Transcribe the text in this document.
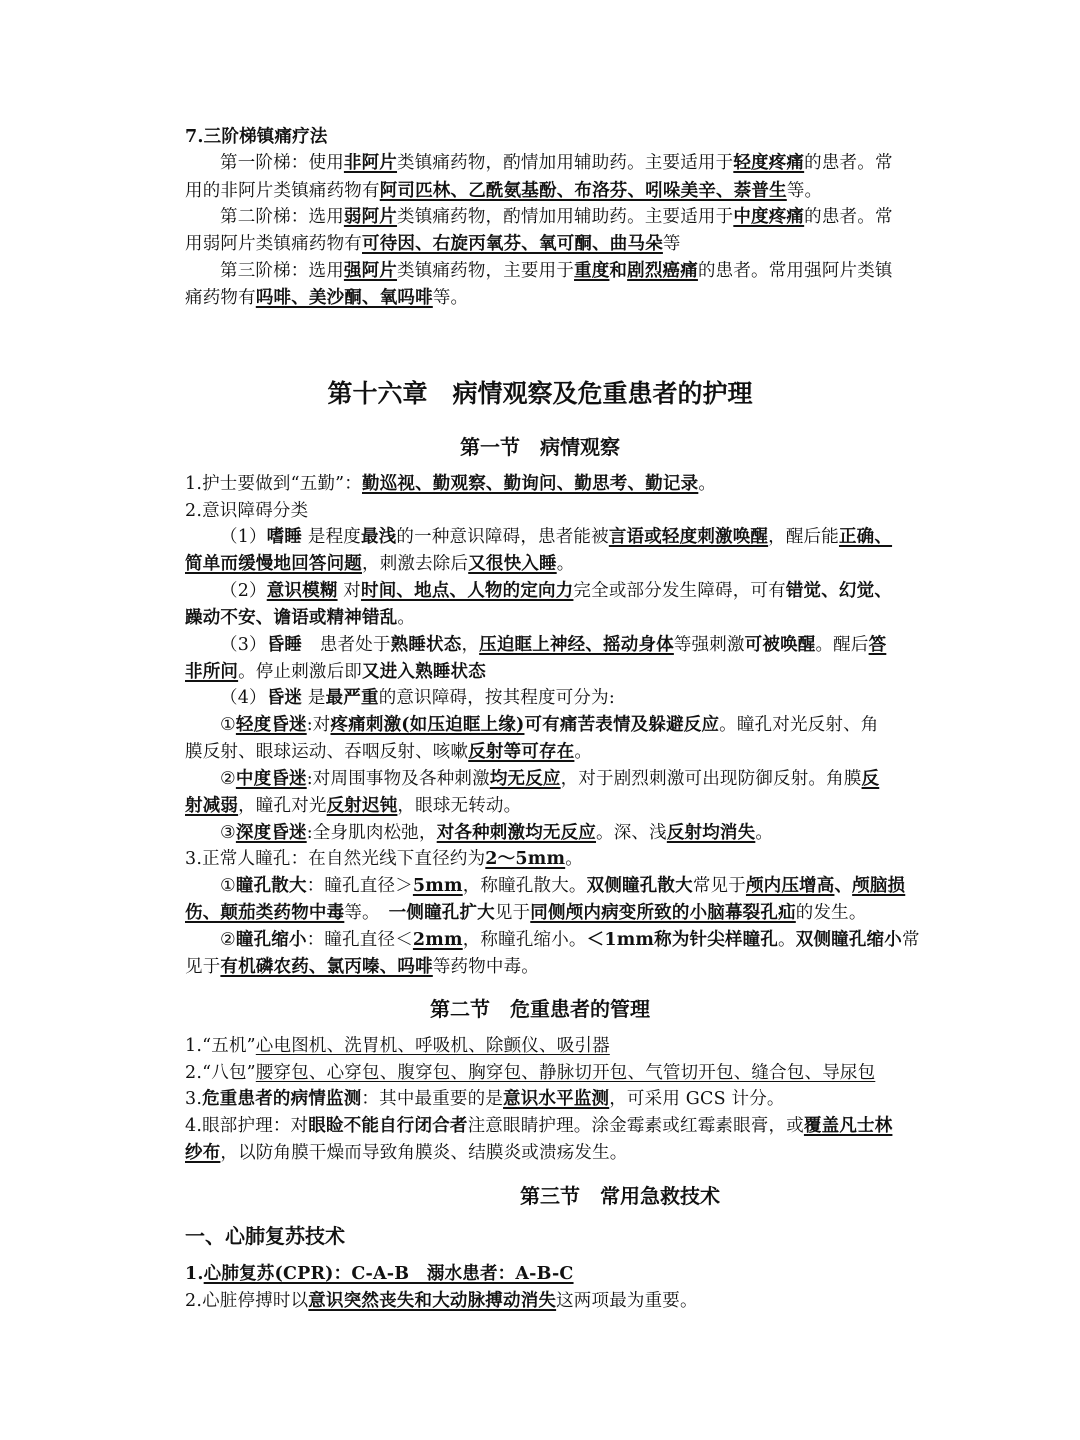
7.三阶梯镇痛疗法
第一阶梯：使用非阿片类镇痛药物，酌情加用辅助药。主要适用于轻度疼痛的患者。常
用的非阿片类镇痛药物有阿司匹林、乙酰氨基酚、布洛芬、吲哚美辛、萘普生等。
第二阶梯：选用弱阿片类镇痛药物，酌情加用辅助药。主要适用于中度疼痛的患者。常
用弱阿片类镇痛药物有可待因、右旋丙氧芬、氧可酮、曲马朵等
第三阶梯：选用强阿片类镇痛药物，主要用于重度和剧烈癌痛的患者。常用强阿片类镇
痛药物有吗啡、美沙酮、氧吗啡等。
第十六章　病情观察及危重患者的护理
第一节　病情观察
1.护士要做到“五勤”：勤巡视、勤观察、勤询问、勤思考、勤记录。
2.意识障碍分类
（1）嗜睡 是程度最浅的一种意识障碍，患者能被言语或轻度刺激唤醒，醒后能正确、
简单而缓慢地回答问题，刺激去除后又很快入睡。
（2）意识模糊 对时间、地点、人物的定向力完全或部分发生障碍，可有错觉、幻觉、
躁动不安、谵语或精神错乱。
（3）昏睡　患者处于熟睡状态，压迫眶上神经、摇动身体等强刺激可被唤醒。醒后答
非所问。停止刺激后即又进入熟睡状态
（4）昏迷 是最严重的意识障碍，按其程度可分为:
①轻度昏迷:对疼痛刺激(如压迫眶上缘)可有痛苦表情及躲避反应。瞳孔对光反射、角
膜反射、眼球运动、吞咽反射、咳嗽反射等可存在。
②中度昏迷:对周围事物及各种刺激均无反应，对于剧烈刺激可出现防御反射。角膜反
射减弱，瞳孔对光反射迟钝，眼球无转动。
③深度昏迷:全身肌肉松弛，对各种刺激均无反应。深、浅反射均消失。
3.正常人瞳孔：在自然光线下直径约为2～5mm。
①瞳孔散大：瞳孔直径＞5mm，称瞳孔散大。双侧瞳孔散大常见于颅内压增高、颅脑损
伤、颠茄类药物中毒等。　一侧瞳孔扩大见于同侧颅内病变所致的小脑幕裂孔疝的发生。
②瞳孔缩小：瞳孔直径＜2mm，称瞳孔缩小。＜1mm称为针尖样瞳孔。双侧瞳孔缩小常
见于有机磷农药、氯丙嗪、吗啡等药物中毒。
第二节　危重患者的管理
1.“五机”心电图机、洗胃机、呼吸机、除颤仪、吸引器
2.“八包”腰穿包、心穿包、腹穿包、胸穿包、静脉切开包、气管切开包、缝合包、导尿包
3.危重患者的病情监测：其中最重要的是意识水平监测，可采用 GCS 计分。
4.眼部护理：对眼睑不能自行闭合者注意眼睛护理。涂金霉素或红霉素眼膏，或覆盖凡士林
纱布，以防角膜干燥而导致角膜炎、结膜炎或溃疡发生。
第三节　常用急救技术
一、心肺复苏技术
1.心肺复苏(CPR)：C-A-B　溺水患者：A-B-C
2.心脏停搏时以意识突然丧失和大动脉搏动消失这两项最为重要。
